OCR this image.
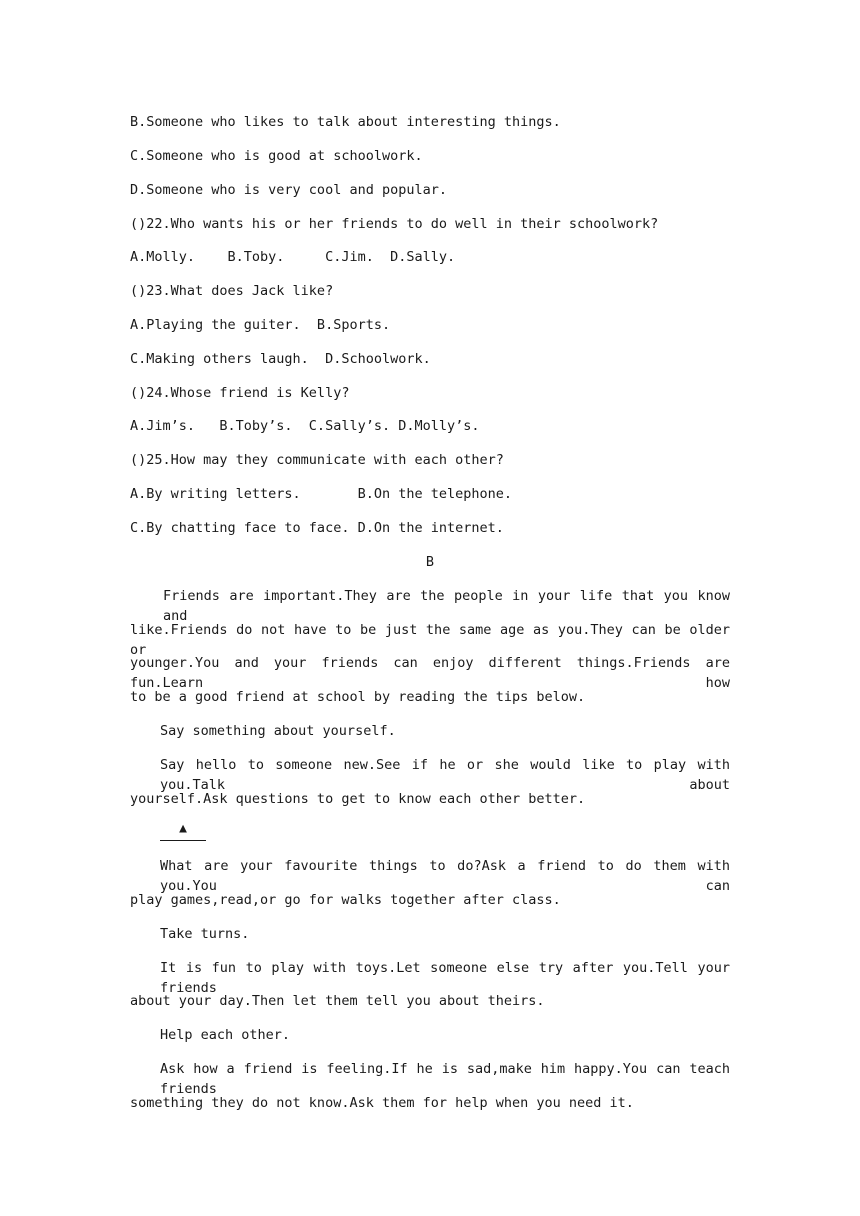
B.Someone who likes to talk about interesting things.
C.Someone who is good at schoolwork.
D.Someone who is very cool and popular.
()22.Who wants his or her friends to do well in their schoolwork?
A.Molly.    B.Toby.     C.Jim.  D.Sally.
()23.What does Jack like?
A.Playing the guiter.  B.Sports.
C.Making others laugh.  D.Schoolwork.
()24.Whose friend is Kelly?
A.Jim’s.   B.Toby’s.  C.Sally’s. D.Molly’s.
()25.How may they communicate with each other?
A.By writing letters.       B.On the telephone.
C.By chatting face to face. D.On the internet.
B
Friends are important.They are the people in your life that you know and
like.Friends do not have to be just the same age as you.They can be older or
younger.You and your friends can enjoy different things.Friends are fun.Learn how
to be a good friend at school by reading the tips below.
Say something about yourself.
Say hello to someone new.See if he or she would like to play with you.Talk about
yourself.Ask questions to get to know each other better.
▲
What are your favourite things to do?Ask a friend to do them with you.You can
play games,read,or go for walks together after class.
Take turns.
It is fun to play with toys.Let someone else try after you.Tell your friends
about your day.Then let them tell you about theirs.
Help each other.
Ask how a friend is feeling.If he is sad,make him happy.You can teach friends
something they do not know.Ask them for help when you need it.
